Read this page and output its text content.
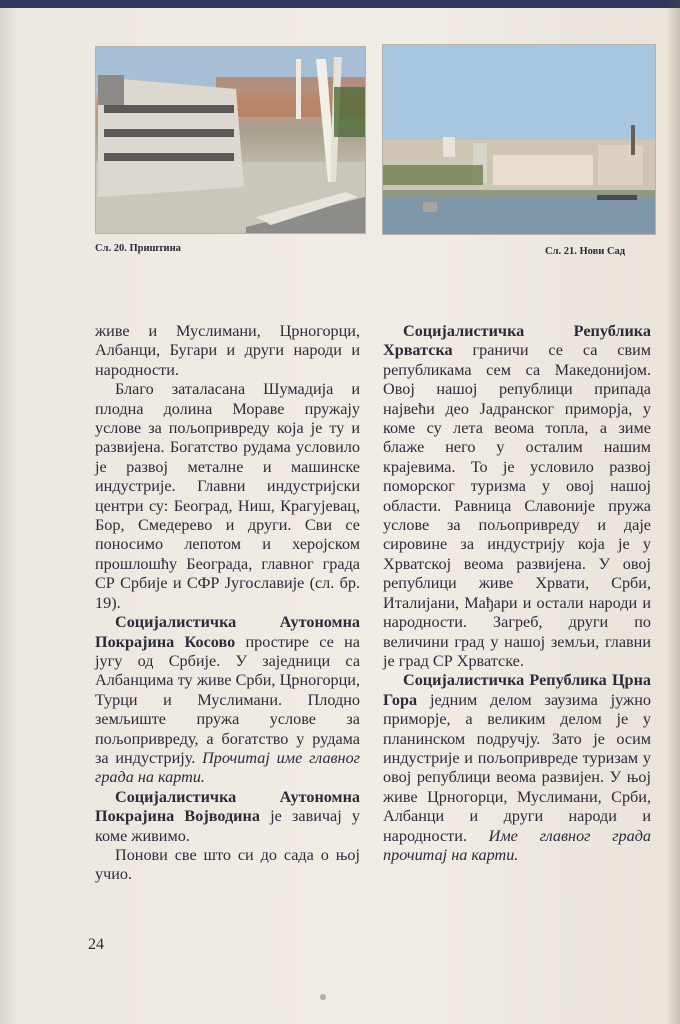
Сл. 20. Приштина	Сл. 21. Нови Сад

живе и Муслимани, Црногорци, Албанци, Бугари и други народи и народности.

Благо заталасана Шумадија и плодна долина Мораве пружају услове за пољопривреду која је ту и развијена. Богатство рудама условило је развој металне и машинске индустрије. Главни индустријски центри су: Београд, Ниш, Крагујевац, Бор, Смедерево и други. Сви се поносимо лепотом и херојском прошлошћу Београда, главног града СР Србије и СФР Југославије (сл. бр. 19).

Социјалистичка Аутономна Покрајина Косово простире се на југу од Србије. У заједници са Албанцима ту живе Срби, Црногорци, Турци и Муслимани. Плодно земљиште пружа услове за пољопривреду, а богатство у рудама за индустрију. Прочитај име главног града на карти.

Социјалистичка Аутономна Покрајина Војводина је завичај у коме живимо.

Понови све што си до сада о њој учио.

Социјалистичка Република Хрватска граничи се са свим републикама сем са Македонијом. Овој нашој републици припада највећи део Јадранског приморја, у коме су лета веома топла, а зиме блаже него у осталим нашим крајевима. То је условило развој поморског туризма у овој нашој области. Равница Славоније пружа услове за пољопривреду и даје сировине за индустрију која је у Хрватској веома развијена. У овој републици живе Хрвати, Срби, Италијани, Мађари и остали народи и народности. Загреб, други по величини град у нашој земљи, главни је град СР Хрватске.

Социјалистичка Република Црна Гора једним делом заузима јужно приморје, а великим делом је у планинском подручју. Зато је осим индустрије и пољопривреде туризам у овој републици веома развијен. У њој живе Црногорци, Муслимани, Срби, Албанци и други народи и народности. Име главног града прочитај на карти.

24
